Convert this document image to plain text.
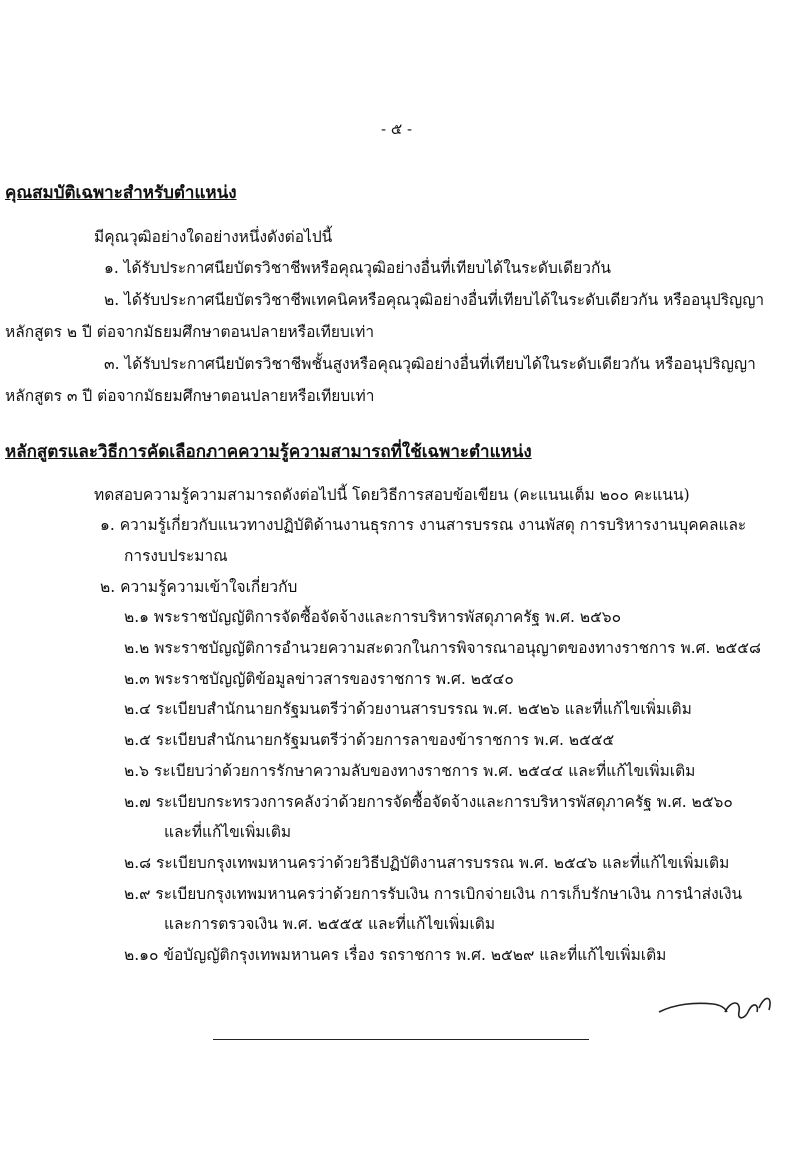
- ๕ -
คุณสมบัติเฉพาะสำหรับตำแหน่ง
มีคุณวุฒิอย่างใดอย่างหนึ่งดังต่อไปนี้
๑. ได้รับประกาศนียบัตรวิชาชีพหรือคุณวุฒิอย่างอื่นที่เทียบได้ในระดับเดียวกัน
๒. ได้รับประกาศนียบัตรวิชาชีพเทคนิคหรือคุณวุฒิอย่างอื่นที่เทียบได้ในระดับเดียวกัน หรืออนุปริญญา
หลักสูตร ๒ ปี ต่อจากมัธยมศึกษาตอนปลายหรือเทียบเท่า
๓. ได้รับประกาศนียบัตรวิชาชีพชั้นสูงหรือคุณวุฒิอย่างอื่นที่เทียบได้ในระดับเดียวกัน หรืออนุปริญญา
หลักสูตร ๓ ปี ต่อจากมัธยมศึกษาตอนปลายหรือเทียบเท่า
หลักสูตรและวิธีการคัดเลือกภาคความรู้ความสามารถที่ใช้เฉพาะตำแหน่ง
ทดสอบความรู้ความสามารถดังต่อไปนี้ โดยวิธีการสอบข้อเขียน (คะแนนเต็ม ๒๐๐ คะแนน)
๑. ความรู้เกี่ยวกับแนวทางปฏิบัติด้านงานธุรการ งานสารบรรณ งานพัสดุ การบริหารงานบุคคลและ
การงบประมาณ
๒. ความรู้ความเข้าใจเกี่ยวกับ
๒.๑ พระราชบัญญัติการจัดซื้อจัดจ้างและการบริหารพัสดุภาครัฐ พ.ศ. ๒๕๖๐
๒.๒ พระราชบัญญัติการอำนวยความสะดวกในการพิจารณาอนุญาตของทางราชการ พ.ศ. ๒๕๕๘
๒.๓ พระราชบัญญัติข้อมูลข่าวสารของราชการ พ.ศ. ๒๕๔๐
๒.๔ ระเบียบสำนักนายกรัฐมนตรีว่าด้วยงานสารบรรณ พ.ศ. ๒๕๒๖ และที่แก้ไขเพิ่มเติม
๒.๕ ระเบียบสำนักนายกรัฐมนตรีว่าด้วยการลาของข้าราชการ พ.ศ. ๒๕๕๕
๒.๖ ระเบียบว่าด้วยการรักษาความลับของทางราชการ พ.ศ. ๒๕๔๔ และที่แก้ไขเพิ่มเติม
๒.๗ ระเบียบกระทรวงการคลังว่าด้วยการจัดซื้อจัดจ้างและการบริหารพัสดุภาครัฐ พ.ศ. ๒๕๖๐
และที่แก้ไขเพิ่มเติม
๒.๘ ระเบียบกรุงเทพมหานครว่าด้วยวิธีปฏิบัติงานสารบรรณ พ.ศ. ๒๕๔๖ และที่แก้ไขเพิ่มเติม
๒.๙ ระเบียบกรุงเทพมหานครว่าด้วยการรับเงิน การเบิกจ่ายเงิน การเก็บรักษาเงิน การนำส่งเงิน
และการตรวจเงิน พ.ศ. ๒๕๕๕ และที่แก้ไขเพิ่มเติม
๒.๑๐ ข้อบัญญัติกรุงเทพมหานคร เรื่อง รถราชการ พ.ศ. ๒๕๒๙ และที่แก้ไขเพิ่มเติม
